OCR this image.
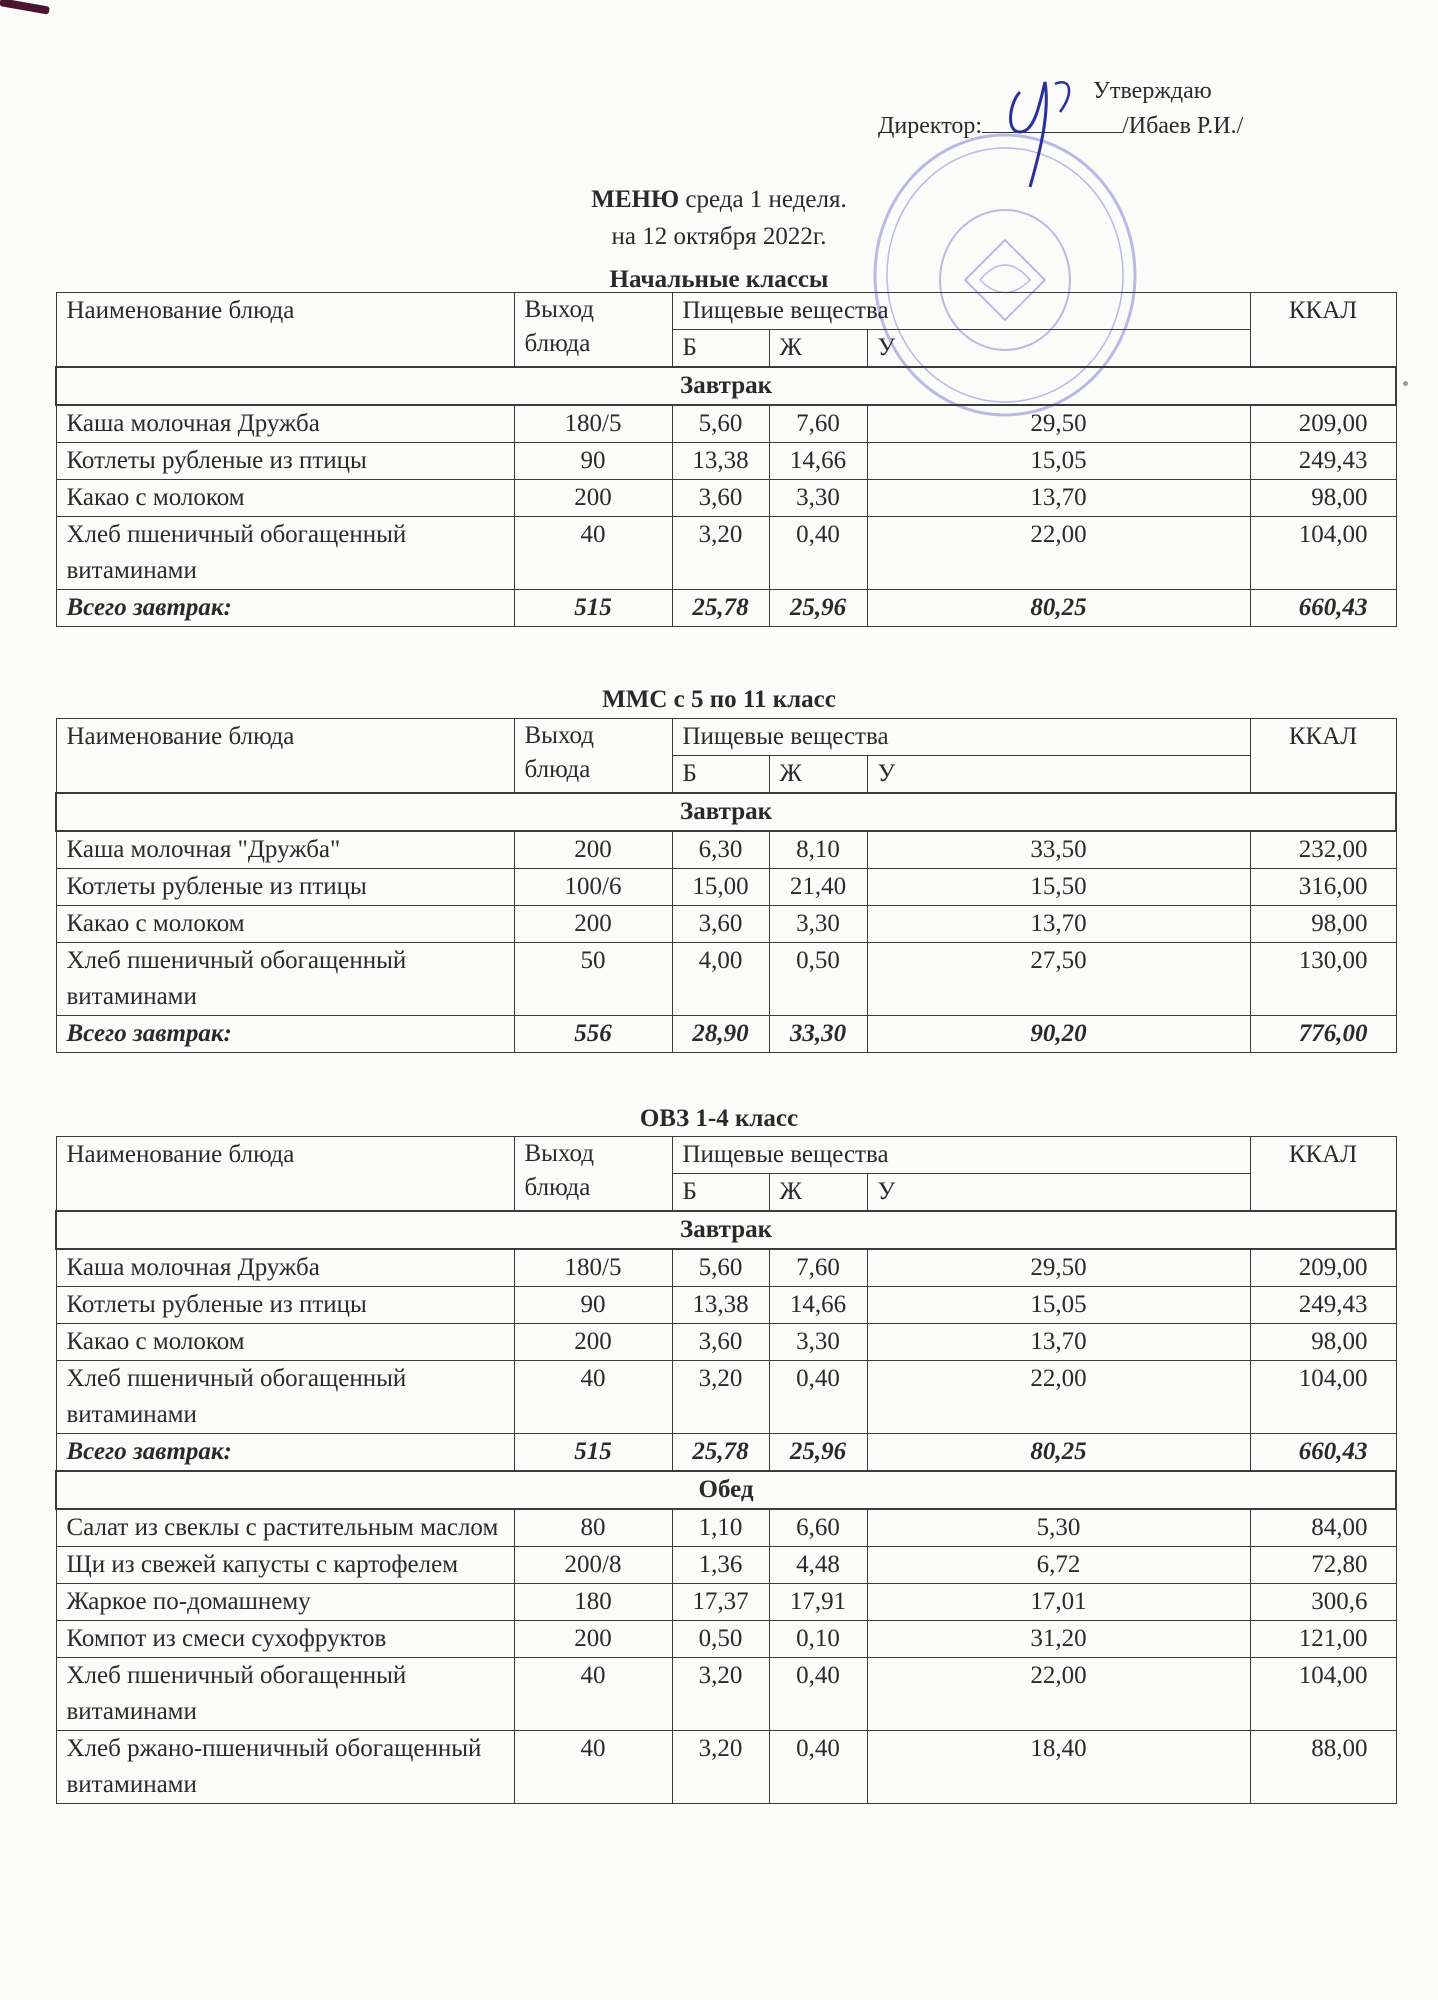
Утверждаю
Директор:	/Ибаев Р.И./
МЕНЮ среда 1 неделя.
на 12 октября 2022г.
Начальные классы
ММС с 5 по 11 класс
ОВЗ 1-4 класс
Наименование блюда	Выход блюда	Пищевые вещества			ККАЛ
		Б	Ж	У	
Завтрак					
Каша молочная Дружба	180/5	5,60	7,60	29,50	209,00
Котлеты рубленые из птицы	90	13,38	14,66	15,05	249,43
Какао с молоком	200	3,60	3,30	13,70	98,00
Хлеб пшеничный обогащенный витаминами	40	3,20	0,40	22,00	104,00
Всего завтрак:	515	25,78	25,96	80,25	660,43
Наименование блюда	Выход блюда	Пищевые вещества			ККАЛ
		Б	Ж	У	
Завтрак					
Каша молочная "Дружба"	200	6,30	8,10	33,50	232,00
Котлеты рубленые из птицы	100/6	15,00	21,40	15,50	316,00
Какао с молоком	200	3,60	3,30	13,70	98,00
Хлеб пшеничный обогащенный витаминами	50	4,00	0,50	27,50	130,00
Всего завтрак:	556	28,90	33,30	90,20	776,00
Наименование блюда	Выход блюда	Пищевые вещества			ККАЛ
		Б	Ж	У	
Завтрак					
Каша молочная Дружба	180/5	5,60	7,60	29,50	209,00
Котлеты рубленые из птицы	90	13,38	14,66	15,05	249,43
Какао с молоком	200	3,60	3,30	13,70	98,00
Хлеб пшеничный обогащенный витаминами	40	3,20	0,40	22,00	104,00
Всего завтрак:	515	25,78	25,96	80,25	660,43
Обед					
Салат из свеклы с растительным маслом	80	1,10	6,60	5,30	84,00
Щи из свежей капусты с картофелем	200/8	1,36	4,48	6,72	72,80
Жаркое по-домашнему	180	17,37	17,91	17,01	300,6
Компот из смеси сухофруктов	200	0,50	0,10	31,20	121,00
Хлеб пшеничный обогащенный витаминами	40	3,20	0,40	22,00	104,00
Хлеб ржано-пшеничный обогащенный витаминами	40	3,20	0,40	18,40	88,00
